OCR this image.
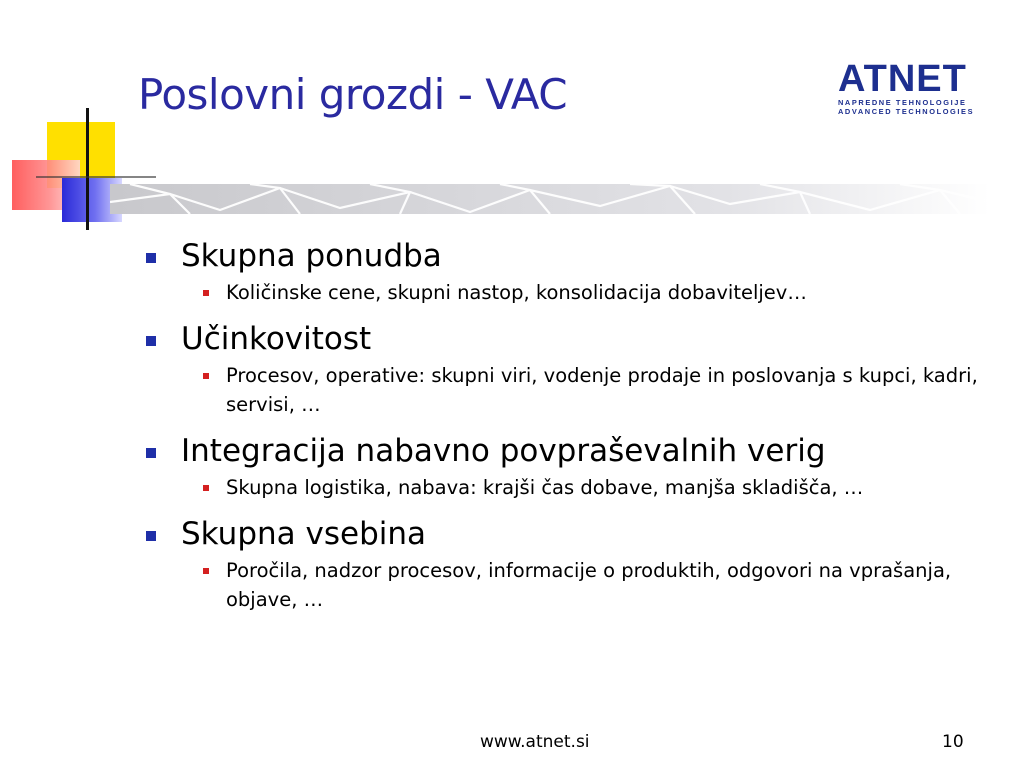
Poslovni grozdi - VAC	ATNET
NAPREDNE TEHNOLOGIJE
ADVANCED TECHNOLOGIES
Skupna ponudba
Količinske cene, skupni nastop, konsolidacija dobaviteljev…
Učinkovitost
Procesov, operative: skupni viri, vodenje prodaje in poslovanja s kupci, kadri, servisi, …
Integracija nabavno povpraševalnih verig
Skupna logistika, nabava: krajši čas dobave, manjša skladišča, …
Skupna vsebina
Poročila, nadzor procesov, informacije o produktih, odgovori na vprašanja, objave, …
www.atnet.si	10
